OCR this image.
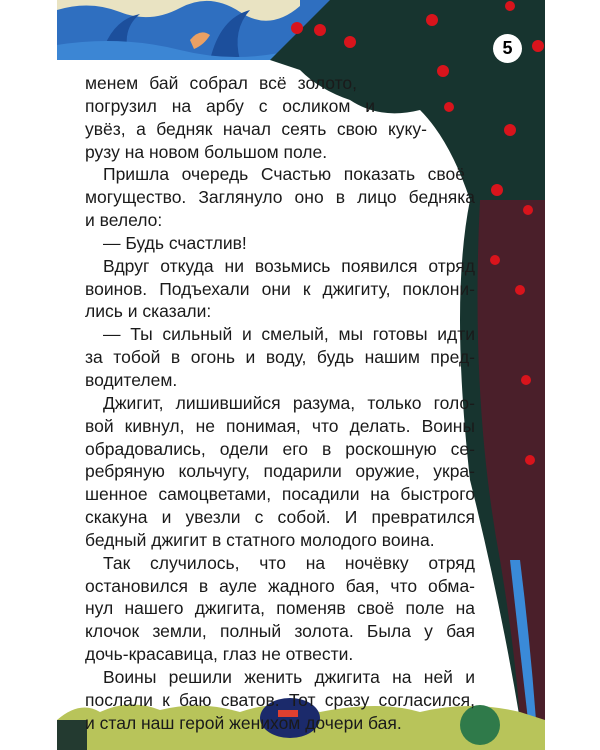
5
менем бай собрал всё золото,
погрузил на арбу с осликом и
увёз, а бедняк начал сеять свою куку-
рузу на новом большом поле.
Пришла очередь Счастью показать своё
могущество. Заглянуло оно в лицо бедняка
и велело:
— Будь счастлив!
Вдруг откуда ни возьмись появился отряд
воинов. Подъехали они к джигиту, поклони-
лись и сказали:
— Ты сильный и смелый, мы готовы идти
за тобой в огонь и воду, будь нашим пред-
водителем.
Джигит, лишившийся разума, только голо-
вой кивнул, не понимая, что делать. Воины
обрадовались, одели его в роскошную се-
ребряную кольчугу, подарили оружие, укра-
шенное самоцветами, посадили на быстрого
скакуна и увезли с собой. И превратился
бедный джигит в статного молодого воина.
Так случилось, что на ночёвку отряд
остановился в ауле жадного бая, что обма-
нул нашего джигита, поменяв своё поле на
клочок земли, полный золота. Была у бая
дочь-красавица, глаз не отвести.
Воины решили женить джигита на ней и
послали к баю сватов. Тот сразу согласился,
и стал наш герой женихом дочери бая.
